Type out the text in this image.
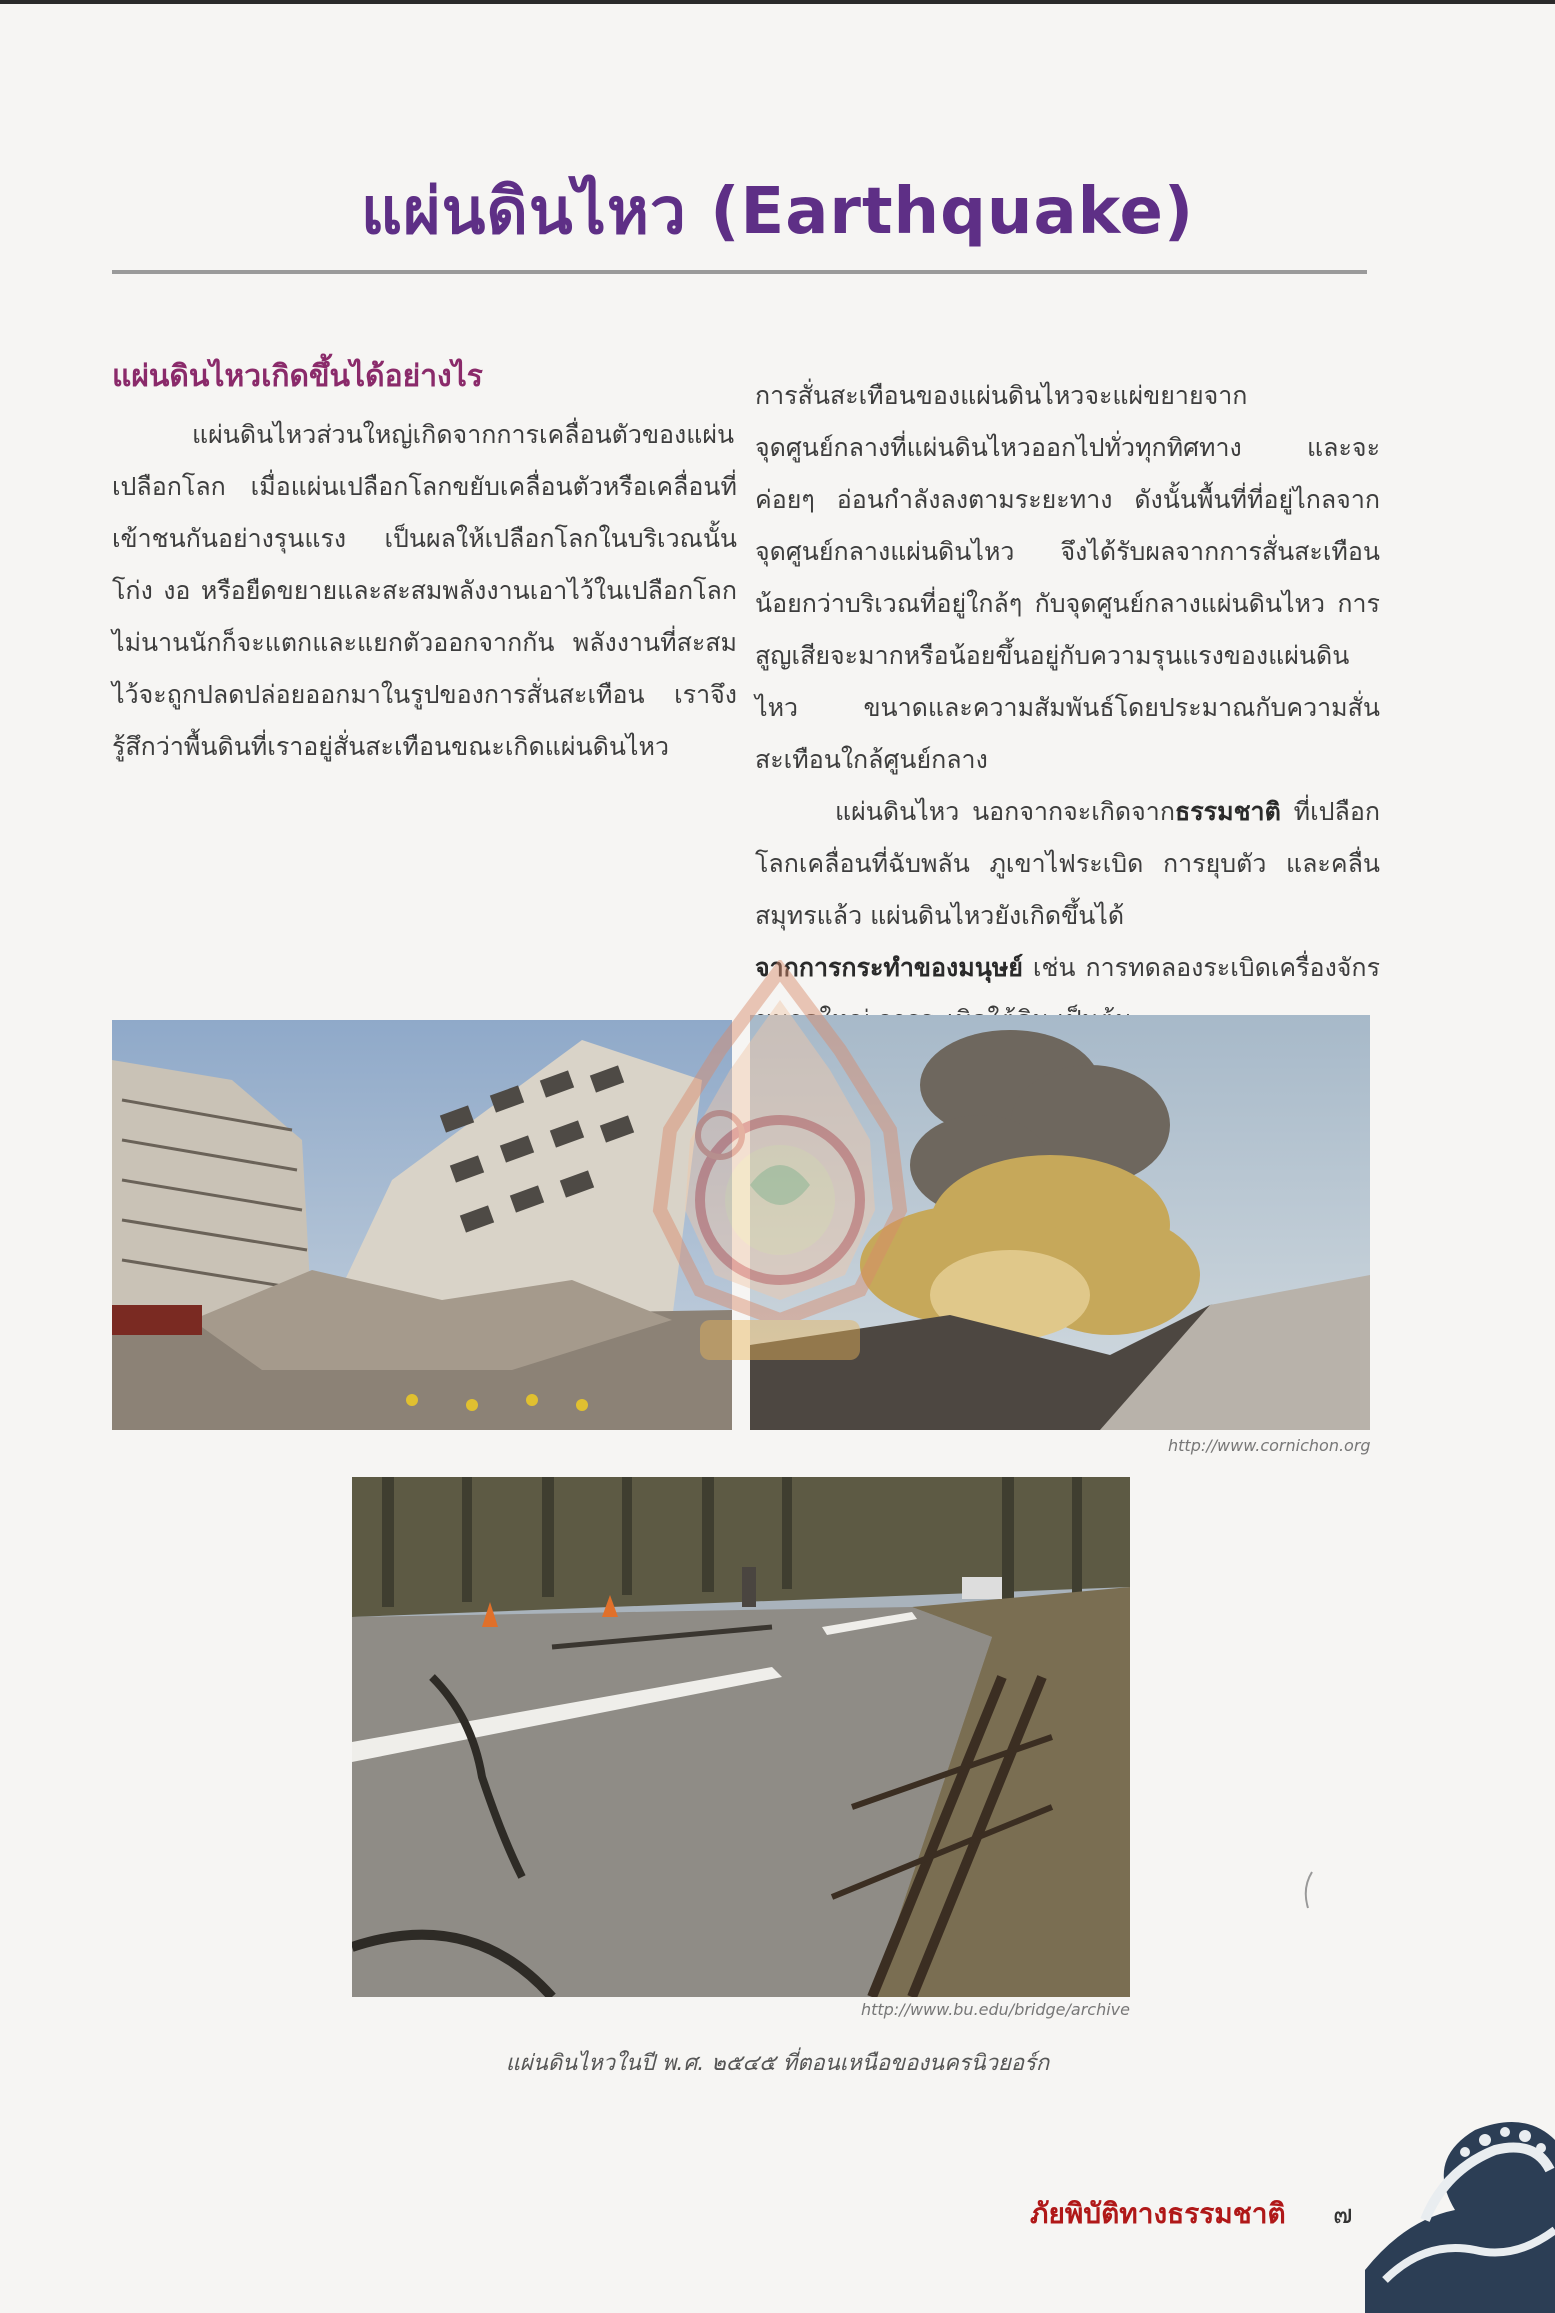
แผ่นดินไหว (Earthquake)
แผ่นดินไหวเกิดขึ้นได้อย่างไร

แผ่นดินไหวส่วนใหญ่เกิดจากการเคลื่อนตัวของแผ่นเปลือกโลก เมื่อแผ่นเปลือกโลกขยับเคลื่อนตัวหรือเคลื่อนที่เข้าชนกันอย่างรุนแรง เป็นผลให้เปลือกโลกในบริเวณนั้นโก่ง งอ หรือยืดขยายและสะสมพลังงานเอาไว้ในเปลือกโลก ไม่นานนักก็จะแตกและแยกตัวออกจากกัน พลังงานที่สะสมไว้จะถูกปลดปล่อยออกมาในรูปของการสั่นสะเทือน เราจึงรู้สึกว่าพื้นดินที่เราอยู่สั่นสะเทือนขณะเกิดแผ่นดินไหว

การสั่นสะเทือนของแผ่นดินไหวจะแผ่ขยายจากจุดศูนย์กลางที่แผ่นดินไหวออกไปทั่วทุกทิศทาง และจะค่อยๆ อ่อนกำลังลงตามระยะทาง ดังนั้นพื้นที่ที่อยู่ไกลจากจุดศูนย์กลางแผ่นดินไหว จึงได้รับผลจากการสั่นสะเทือนน้อยกว่าบริเวณที่อยู่ใกล้ๆ กับจุดศูนย์กลางแผ่นดินไหว การสูญเสียจะมากหรือน้อยขึ้นอยู่กับความรุนแรงของแผ่นดินไหว ขนาดและความสัมพันธ์โดยประมาณกับความสั่นสะเทือนใกล้ศูนย์กลาง

แผ่นดินไหว นอกจากจะเกิดจากธรรมชาติ ที่เปลือกโลกเคลื่อนที่ฉับพลัน ภูเขาไฟระเบิด การยุบตัว และคลื่นสมุทรแล้ว แผ่นดินไหวยังเกิดขึ้นได้
จากการกระทำของมนุษย์ เช่น การทดลองระเบิดเครื่องจักร

http://www.cornichon.org
http://www.bu.edu/bridge/archive
แผ่นดินไหวในปี พ.ศ. ๒๕๔๕ ที่ตอนเหนือของนครนิวยอร์ก
ภัยพิบัติทางธรรมชาติ ๗
